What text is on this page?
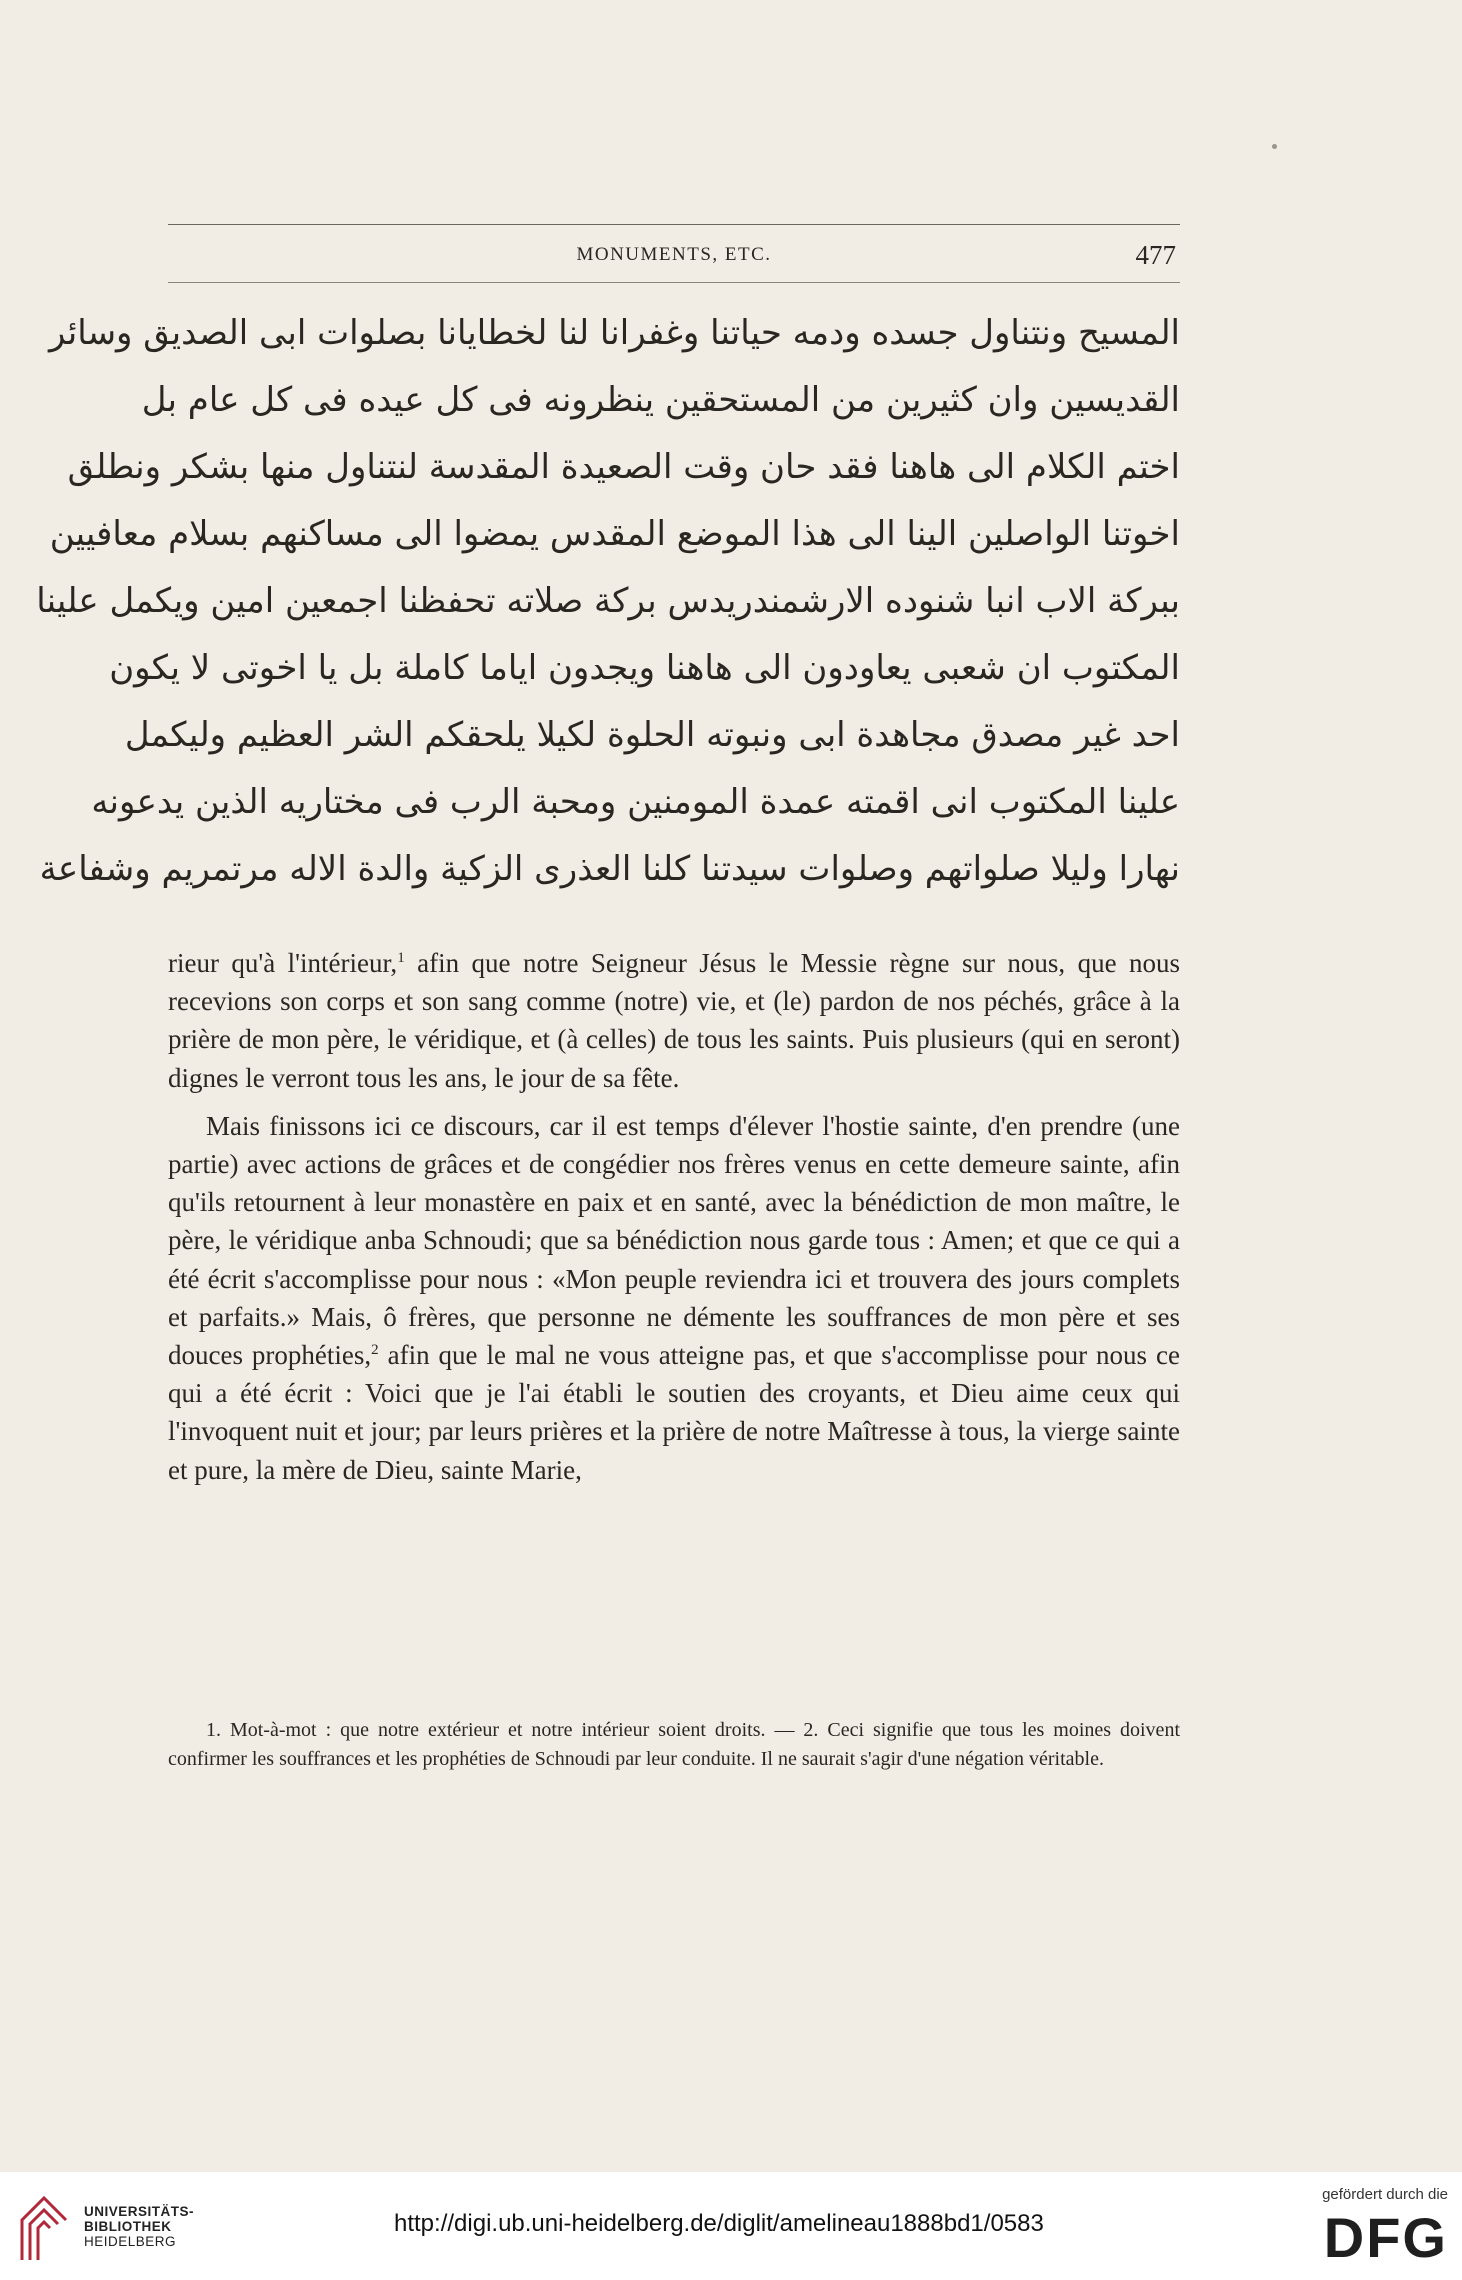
MONUMENTS, ETC.	477
المسيح ونتناول جسده ودمه حياتنا وغفرانا لنا لخطايانا بصلوات ابى الصديق وسائر
القديسين وان كثيرين من المستحقين ينظرونه فى كل عيده فى كل عام بل
اختم الكلام الى هاهنا فقد حان وقت الصعيدة المقدسة لنتناول منها بشكر ونطلق
اخوتنا الواصلين الينا الى هذا الموضع المقدس يمضوا الى مساكنهم بسلام معافيين
ببركة الاب انبا شنوده الارشمندريدس بركة صلاته تحفظنا اجمعين امين ويكمل علينا
المكتوب ان شعبى يعاودون الى هاهنا ويجدون اياما كاملة بل يا اخوتى لا يكون
احد غير مصدق مجاهدة ابى ونبوته الحلوة لكيلا يلحقكم الشر العظيم وليكمل
علينا المكتوب انى اقمته عمدة المومنين ومحبة الرب فى مختاريه الذين يدعونه
نهارا وليلا صلواتهم وصلوات سيدتنا كلنا العذرى الزكية والدة الاله مرتمريم وشفاعة

rieur qu'à l'intérieur,$^1$ afin que notre Seigneur Jésus le Messie règne sur nous, que nous recevions son corps et son sang comme (notre) vie, et (le) pardon de nos péchés, grâce à la prière de mon père, le véridique, et (à celles) de tous les saints. Puis plusieurs (qui en seront) dignes le verront tous les ans, le jour de sa fête.

Mais finissons ici ce discours, car il est temps d'élever l'hostie sainte, d'en prendre (une partie) avec actions de grâces et de congédier nos frères venus en cette demeure sainte, afin qu'ils retournent à leur monastère en paix et en santé, avec la bénédiction de mon maître, le père, le véridique anba Schnoudi; que sa bénédiction nous garde tous : Amen; et que ce qui a été écrit s'accomplisse pour nous : «Mon peuple reviendra ici et trouvera des jours complets et parfaits.» Mais, ô frères, que personne ne démente les souffrances de mon père et ses douces prophéties,$^2$ afin que le mal ne vous atteigne pas, et que s'accomplisse pour nous ce qui a été écrit : Voici que je l'ai établi le soutien des croyants, et Dieu aime ceux qui l'invoquent nuit et jour; par leurs prières et la prière de notre Maîtresse à tous, la vierge sainte et pure, la mère de Dieu, sainte Marie,

1. Mot-à-mot : que notre extérieur et notre intérieur soient droits. — 2. Ceci signifie que tous les moines doivent confirmer les souffrances et les prophéties de Schnoudi par leur conduite. Il ne saurait s'agir d'une négation véritable.

UNIVERSITÄTS-
BIBLIOTHEK
HEIDELBERG
http://digi.ub.uni-heidelberg.de/diglit/amelineau1888bd1/0583
gefördert durch die
DFG
